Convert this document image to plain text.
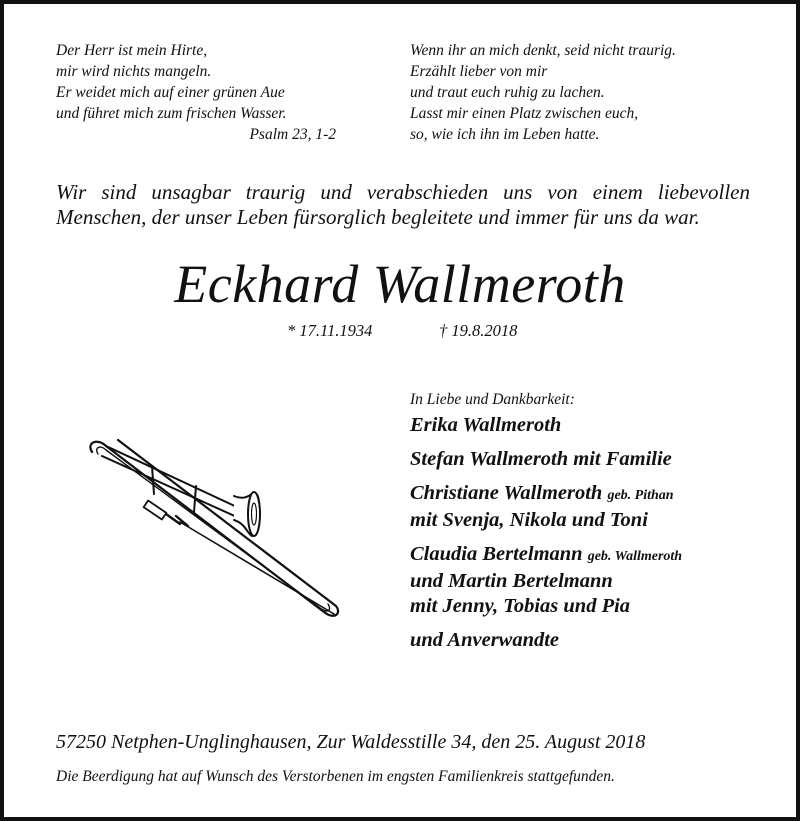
Der Herr ist mein Hirte,
mir wird nichts mangeln.
Er weidet mich auf einer grünen Aue
und führet mich zum frischen Wasser.
Psalm 23, 1-2
Wenn ihr an mich denkt, seid nicht traurig.
Erzählt lieber von mir
und traut euch ruhig zu lachen.
Lasst mir einen Platz zwischen euch,
so, wie ich ihn im Leben hatte.
Wir sind unsagbar traurig und verabschieden uns von einem liebevollen
Menschen, der unser Leben fürsorglich begleitete und immer für uns da war.
Eckhard Wallmeroth
* 17.11.1934	† 19.8.2018
In Liebe und Dankbarkeit:
Erika Wallmeroth
Stefan Wallmeroth mit Familie
Christiane Wallmeroth geb. Pithan
mit Svenja, Nikola und Toni
Claudia Bertelmann geb. Wallmeroth
und Martin Bertelmann
mit Jenny, Tobias und Pia
und Anverwandte
57250 Netphen-Unglinghausen, Zur Waldesstille 34, den 25. August 2018
Die Beerdigung hat auf Wunsch des Verstorbenen im engsten Familienkreis stattgefunden.
